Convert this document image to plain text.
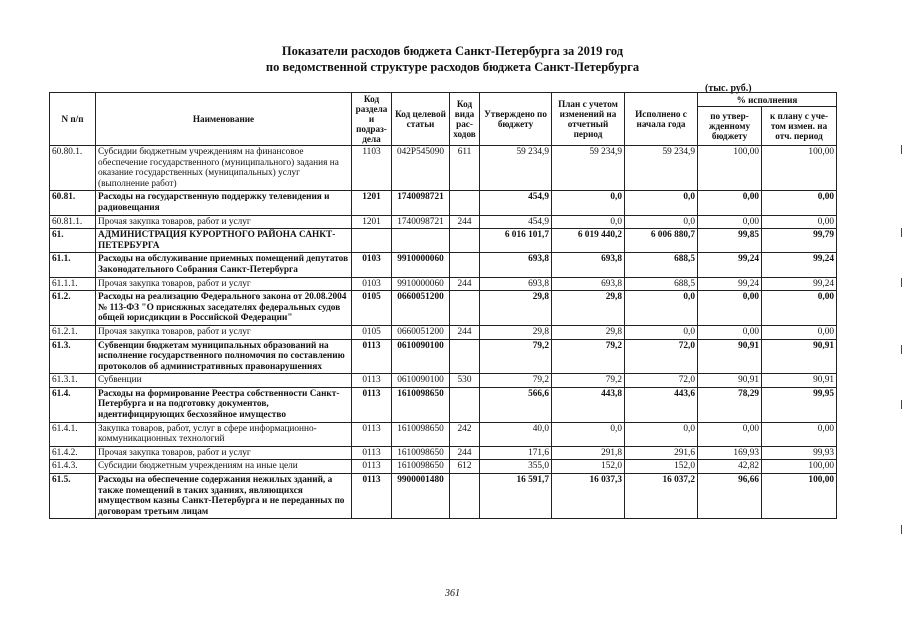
Показатели расходов бюджета Санкт-Петербурга за 2019 год
по ведомственной структуре расходов бюджета Санкт-Петербурга
(тыс. руб.)
N п/п	Наименование	Код раздела и подраз-дела	Код целевой статьи	Код вида рас-ходов	Утверждено по бюджету	План с учетом изменений на отчетный период	Исполнено с начала года	% исполнения	
								по утвер-жденному бюджету	к плану с уче-том измен. на отч. период
60.80.1.	Субсидии бюджетным учреждениям на финансовое обеспечение государственного (муниципального) задания на оказание государственных (муниципальных) услуг (выполнение работ)	1103	042P545090	611	59 234,9	59 234,9	59 234,9	100,00	100,00
60.81.	Расходы на государственную поддержку телевидения и радиовещания	1201	1740098721		454,9	0,0	0,0	0,00	0,00
60.81.1.	Прочая закупка товаров, работ и услуг	1201	1740098721	244	454,9	0,0	0,0	0,00	0,00
61.	АДМИНИСТРАЦИЯ КУРОРТНОГО РАЙОНА САНКТ-ПЕТЕРБУРГА				6 016 101,7	6 019 440,2	6 006 880,7	99,85	99,79
61.1.	Расходы на обслуживание приемных помещений депутатов Законодательного Собрания Санкт-Петербурга	0103	9910000060		693,8	693,8	688,5	99,24	99,24
61.1.1.	Прочая закупка товаров, работ и услуг	0103	9910000060	244	693,8	693,8	688,5	99,24	99,24
61.2.	Расходы на реализацию Федерального закона от 20.08.2004 № 113-ФЗ "О присяжных заседателях федеральных судов общей юрисдикции в Российской Федерации"	0105	0660051200		29,8	29,8	0,0	0,00	0,00
61.2.1.	Прочая закупка товаров, работ и услуг	0105	0660051200	244	29,8	29,8	0,0	0,00	0,00
61.3.	Субвенции бюджетам муниципальных образований на исполнение государственного полномочия по составлению протоколов об административных правонарушениях	0113	0610090100		79,2	79,2	72,0	90,91	90,91
61.3.1.	Субвенции	0113	0610090100	530	79,2	79,2	72,0	90,91	90,91
61.4.	Расходы на формирование Реестра собственности Санкт-Петербурга и на подготовку документов, идентифицирующих бесхозяйное имущество	0113	1610098650		566,6	443,8	443,6	78,29	99,95
61.4.1.	Закупка товаров, работ, услуг в сфере информационно-коммуникационных технологий	0113	1610098650	242	40,0	0,0	0,0	0,00	0,00
61.4.2.	Прочая закупка товаров, работ и услуг	0113	1610098650	244	171,6	291,8	291,6	169,93	99,93
61.4.3.	Субсидии бюджетным учреждениям на иные цели	0113	1610098650	612	355,0	152,0	152,0	42,82	100,00
61.5.	Расходы на обеспечение содержания нежилых зданий, а также помещений в таких зданиях, являющихся имуществом казны Санкт-Петербурга и не переданных по договорам третьим лицам	0113	9900001480		16 591,7	16 037,3	16 037,2	96,66	100,00
361
